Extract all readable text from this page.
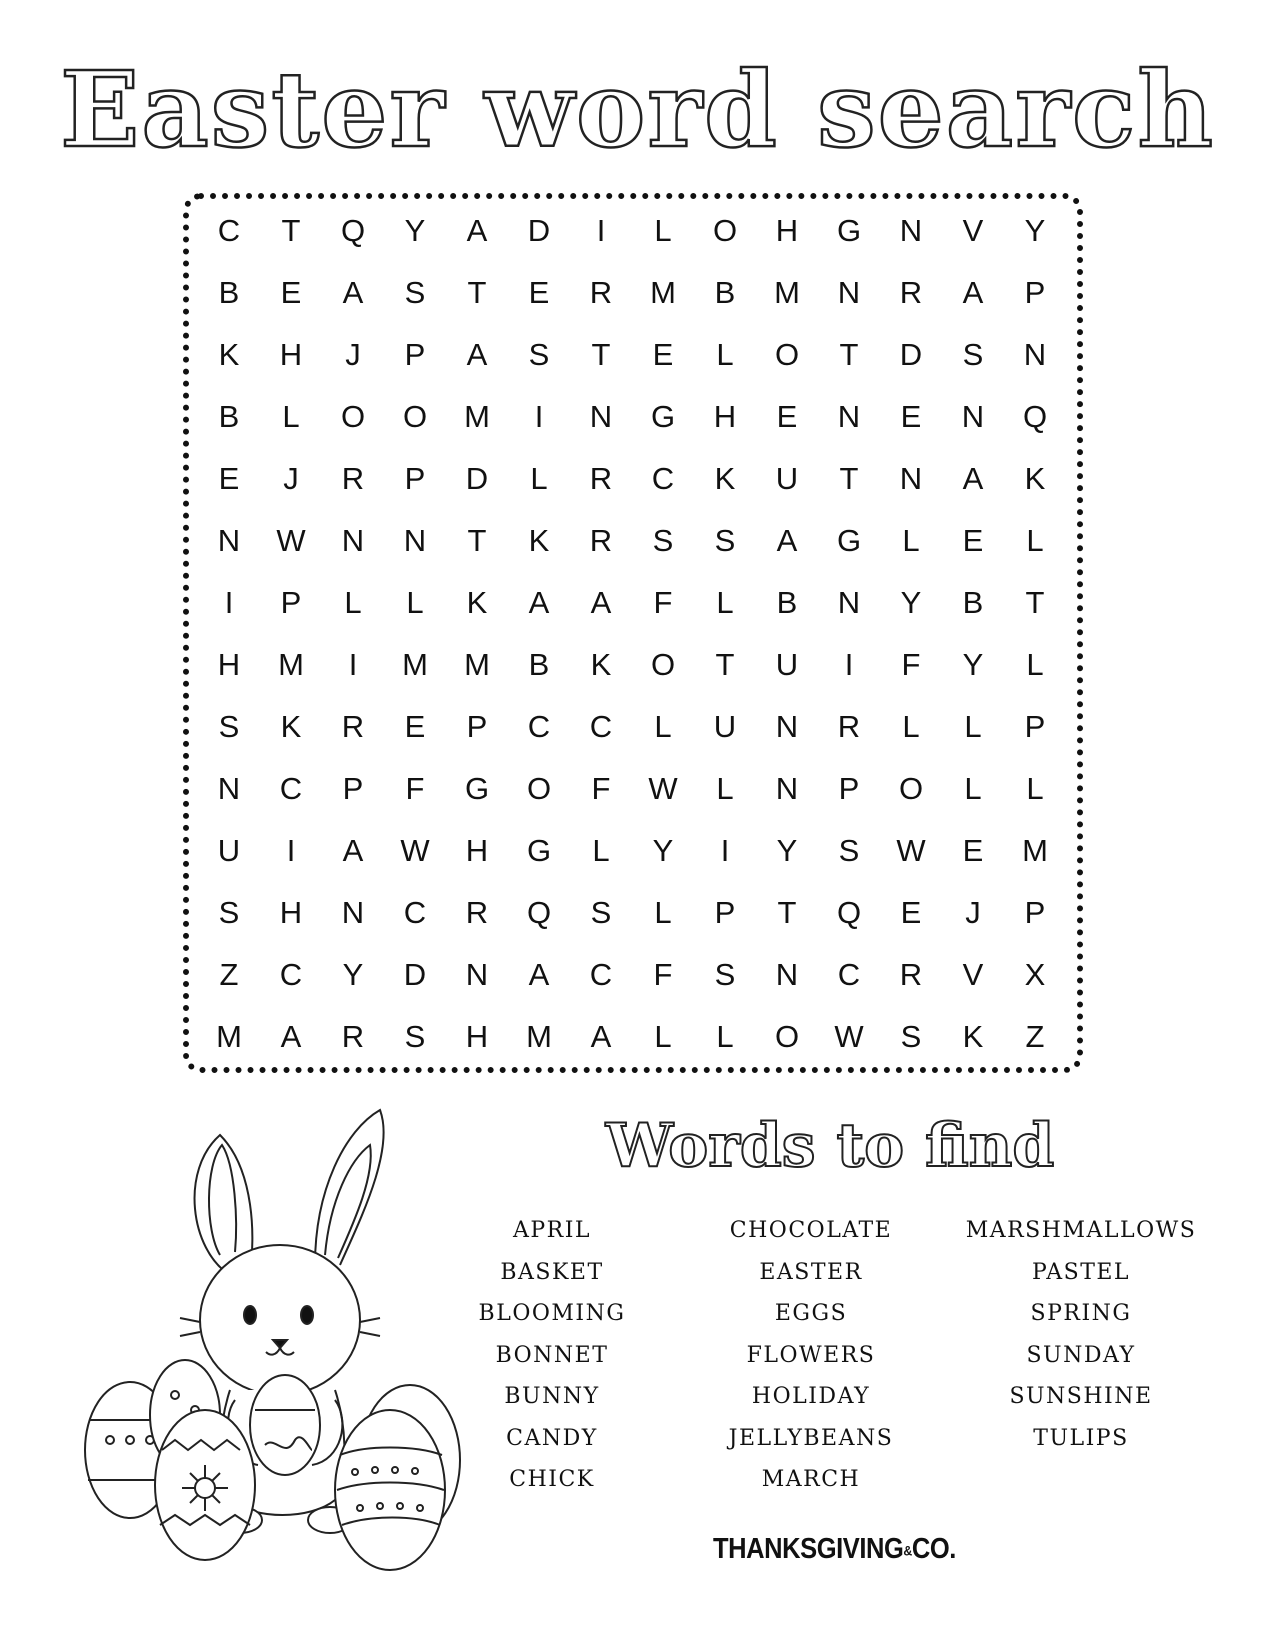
Easter word search
C	T	Q	Y	A	D	I	L	O	H	G	N	V	Y
B	E	A	S	T	E	R	M	B	M	N	R	A	P
K	H	J	P	A	S	T	E	L	O	T	D	S	N
B	L	O	O	M	I	N	G	H	E	N	E	N	Q
E	J	R	P	D	L	R	C	K	U	T	N	A	K
N	W	N	N	T	K	R	S	S	A	G	L	E	L
I	P	L	L	K	A	A	F	L	B	N	Y	B	T
H	M	I	M	M	B	K	O	T	U	I	F	Y	L
S	K	R	E	P	C	C	L	U	N	R	L	L	P
N	C	P	F	G	O	F	W	L	N	P	O	L	L
U	I	A	W	H	G	L	Y	I	Y	S	W	E	M
S	H	N	C	R	Q	S	L	P	T	Q	E	J	P
Z	C	Y	D	N	A	C	F	S	N	C	R	V	X
M	A	R	S	H	M	A	L	L	O	W	S	K	Z
Words to find
APRIL
BASKET
BLOOMING
BONNET
BUNNY
CANDY
CHICK
CHOCOLATE
EASTER
EGGS
FLOWERS
HOLIDAY
JELLYBEANS
MARCH
MARSHMALLOWS
PASTEL
SPRING
SUNDAY
SUNSHINE
TULIPS
THANKSGIVING&CO.
